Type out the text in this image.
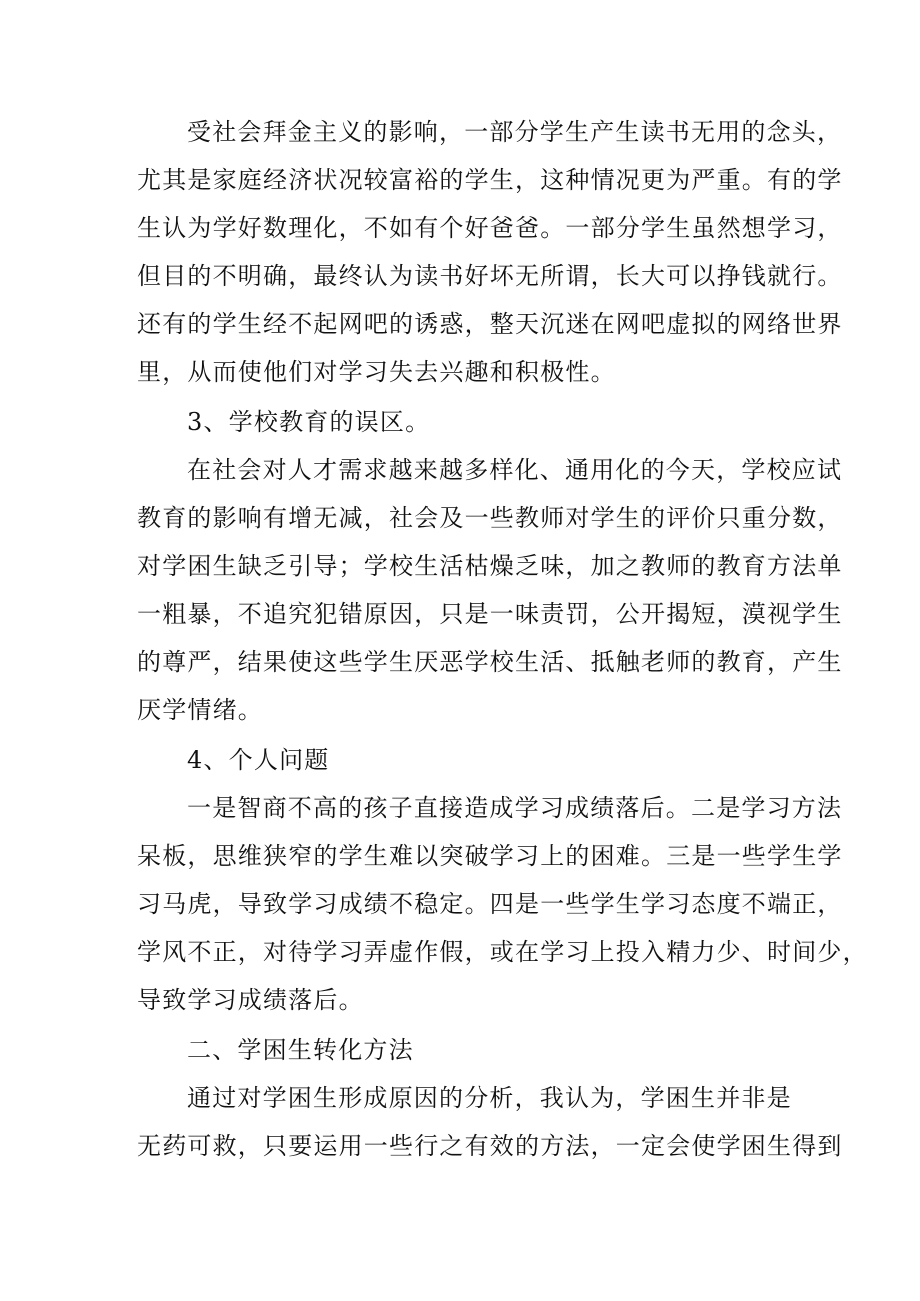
受社会拜金主义的影响，一部分学生产生读书无用的念头，
尤其是家庭经济状况较富裕的学生，这种情况更为严重。有的学
生认为学好数理化，不如有个好爸爸。一部分学生虽然想学习，
但目的不明确，最终认为读书好坏无所谓，长大可以挣钱就行。
还有的学生经不起网吧的诱惑，整天沉迷在网吧虚拟的网络世界
里，从而使他们对学习失去兴趣和积极性。
3、学校教育的误区。
在社会对人才需求越来越多样化、通用化的今天，学校应试
教育的影响有增无减，社会及一些教师对学生的评价只重分数，
对学困生缺乏引导；学校生活枯燥乏味，加之教师的教育方法单
一粗暴，不追究犯错原因，只是一味责罚，公开揭短，漠视学生
的尊严，结果使这些学生厌恶学校生活、抵触老师的教育，产生
厌学情绪。
4、个人问题
一是智商不高的孩子直接造成学习成绩落后。二是学习方法
呆板，思维狭窄的学生难以突破学习上的困难。三是一些学生学
习马虎，导致学习成绩不稳定。四是一些学生学习态度不端正，
学风不正，对待学习弄虚作假，或在学习上投入精力少、时间少，
导致学习成绩落后。
二、学困生转化方法
通过对学困生形成原因的分析，我认为，学困生并非是
无药可救，只要运用一些行之有效的方法，一定会使学困生得到
